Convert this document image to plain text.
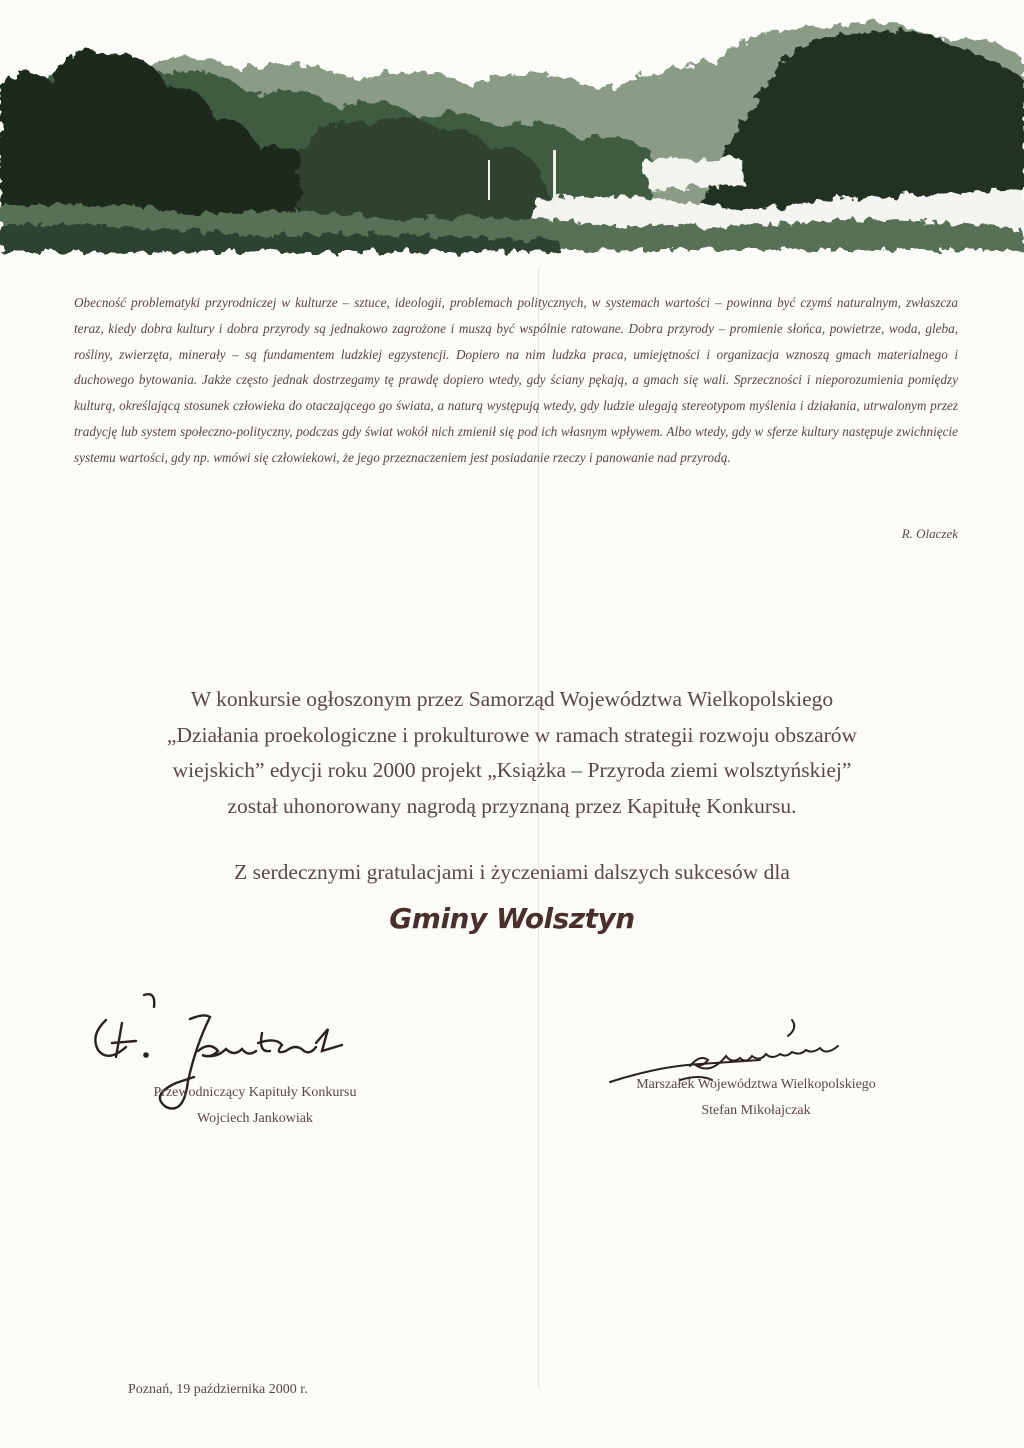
Obecność problematyki przyrodniczej w kulturze – sztuce, ideologii, problemach politycznych, w systemach wartości – powinna być czymś naturalnym, zwłaszcza teraz, kiedy dobra kultury i dobra przyrody są jednakowo zagrożone i muszą być wspólnie ratowane. Dobra przyrody – promienie słońca, powietrze, woda, gleba, rośliny, zwierzęta, minerały – są fundamentem ludzkiej egzystencji. Dopiero na nim ludzka praca, umiejętności i organizacja wznoszą gmach materialnego i duchowego bytowania. Jakże często jednak dostrzegamy tę prawdę dopiero wtedy, gdy ściany pękają, a gmach się wali. Sprzeczności i nieporozumienia pomiędzy kulturą, określającą stosunek człowieka do otaczającego go świata, a naturą występują wtedy, gdy ludzie ulegają stereotypom myślenia i działania, utrwalonym przez tradycję lub system społeczno-polityczny, podczas gdy świat wokół nich zmienił się pod ich własnym wpływem. Albo wtedy, gdy w sferze kultury następuje zwichnięcie systemu wartości, gdy np. wmówi się człowiekowi, że jego przeznaczeniem jest posiadanie rzeczy i panowanie nad przyrodą.
R. Olaczek
W konkursie ogłoszonym przez Samorząd Województwa Wielkopolskiego
„Działania proekologiczne i prokulturowe w ramach strategii rozwoju obszarów
wiejskich” edycji roku 2000 projekt „Książka – Przyroda ziemi wolsztyńskiej”
został uhonorowany nagrodą przyznaną przez Kapitułę Konkursu.
Z serdecznymi gratulacjami i życzeniami dalszych sukcesów dla
Gminy Wolsztyn
Przewodniczący Kapituły Konkursu
Wojciech Jankowiak
Marszałek Województwa Wielkopolskiego
Stefan Mikołajczak
Poznań, 19 października 2000 r.
